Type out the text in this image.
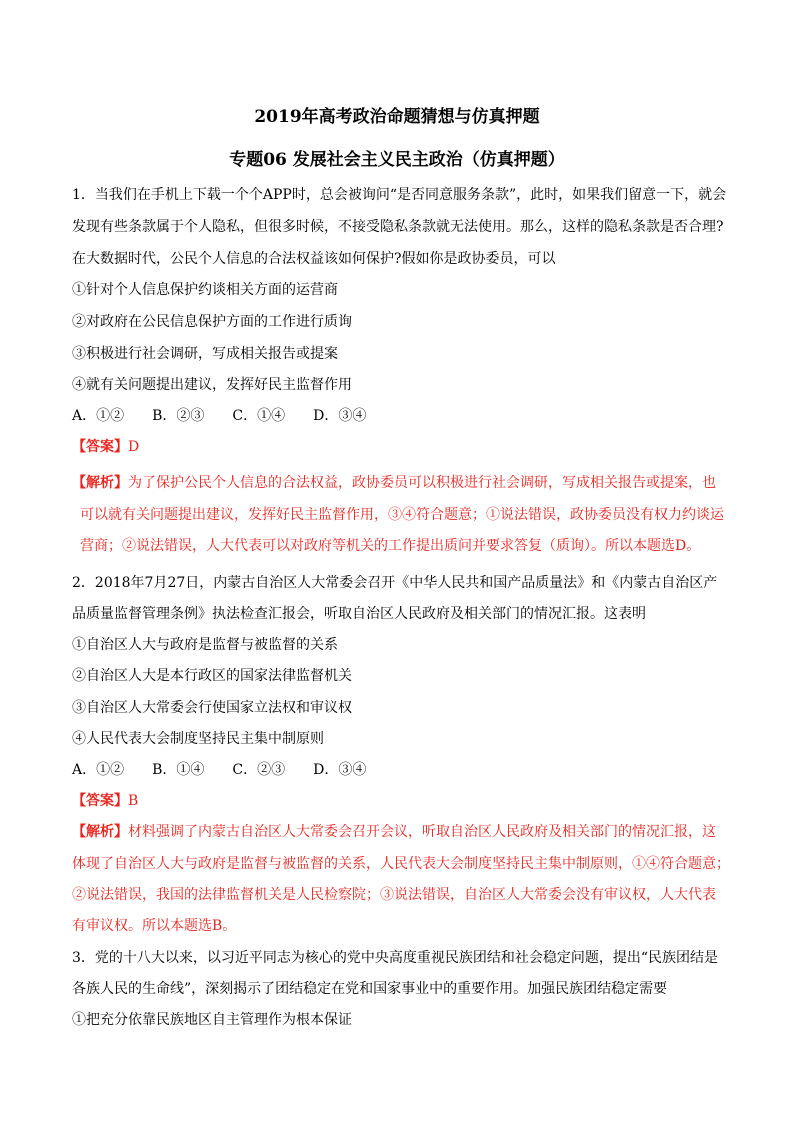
2019年高考政治命题猜想与仿真押题
专题06 发展社会主义民主政治（仿真押题）
1．当我们在手机上下载一个个APP时，总会被询问“是否同意服务条款”，此时，如果我们留意一下，就会
发现有些条款属于个人隐私，但很多时候，不接受隐私条款就无法使用。那么，这样的隐私条款是否合理?
在大数据时代，公民个人信息的合法权益该如何保护?假如你是政协委员，可以
①针对个人信息保护约谈相关方面的运营商
②对政府在公民信息保护方面的工作进行质询
③积极进行社会调研，写成相关报告或提案
④就有关问题提出建议，发挥好民主监督作用
A．①②　　B．②③　　C．①④　　D．③④
【答案】D
【解析】为了保护公民个人信息的合法权益，政协委员可以积极进行社会调研，写成相关报告或提案，也
可以就有关问题提出建议，发挥好民主监督作用，③④符合题意；①说法错误，政协委员没有权力约谈运
营商；②说法错误，人大代表可以对政府等机关的工作提出质问并要求答复（质询）。所以本题选D。
2．2018年7月27日，内蒙古自治区人大常委会召开《中华人民共和国产品质量法》和《内蒙古自治区产
品质量监督管理条例》执法检查汇报会，听取自治区人民政府及相关部门的情况汇报。这表明
①自治区人大与政府是监督与被监督的关系
②自治区人大是本行政区的国家法律监督机关
③自治区人大常委会行使国家立法权和审议权
④人民代表大会制度坚持民主集中制原则
A．①②　　B．①④　　C．②③　　D．③④
【答案】B
【解析】材料强调了内蒙古自治区人大常委会召开会议，听取自治区人民政府及相关部门的情况汇报，这
体现了自治区人大与政府是监督与被监督的关系，人民代表大会制度坚持民主集中制原则，①④符合题意；
②说法错误，我国的法律监督机关是人民检察院；③说法错误，自治区人大常委会没有审议权，人大代表
有审议权。所以本题选B。
3．党的十八大以来，以习近平同志为核心的党中央高度重视民族团结和社会稳定问题，提出“民族团结是
各族人民的生命线”，深刻揭示了团结稳定在党和国家事业中的重要作用。加强民族团结稳定需要
①把充分依靠民族地区自主管理作为根本保证
